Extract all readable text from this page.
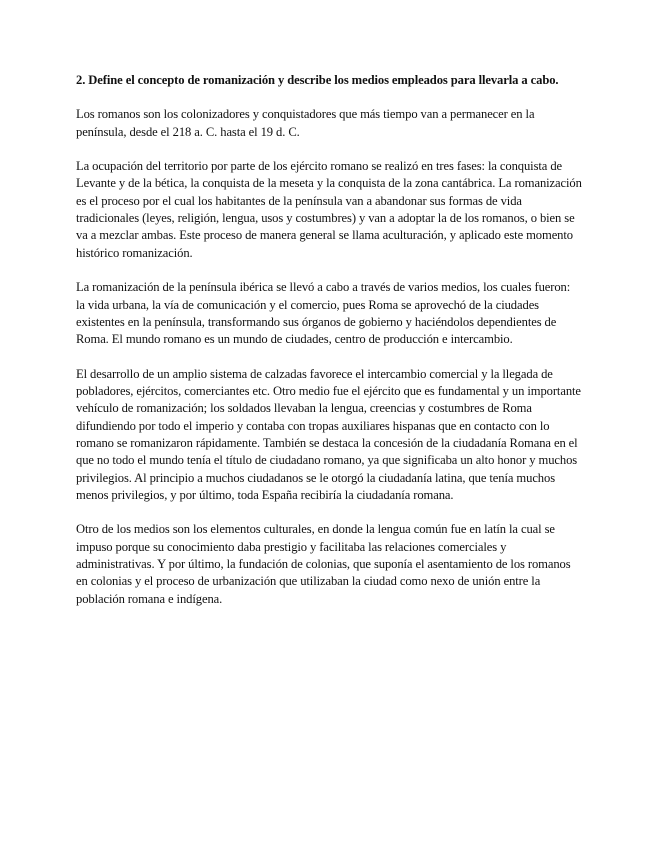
2. Define el concepto de romanización y describe los medios empleados para llevarla a cabo.

Los romanos son los colonizadores y conquistadores que más tiempo van a permanecer en la península, desde el 218 a. C. hasta el 19 d. C.

La ocupación del territorio por parte de los ejército romano se realizó en tres fases: la conquista de Levante y de la bética, la conquista de la meseta y la conquista de la zona cantábrica. La romanización es el proceso por el cual los habitantes de la península van a abandonar sus formas de vida tradicionales (leyes, religión, lengua, usos y costumbres) y van a adoptar la de los romanos, o bien se va a mezclar ambas. Este proceso de manera general se llama aculturación, y aplicado este momento histórico romanización.

La romanización de la península ibérica se llevó a cabo a través de varios medios, los cuales fueron: la vida urbana, la vía de comunicación y el comercio, pues Roma se aprovechó de la ciudades existentes en la península, transformando sus órganos de gobierno y haciéndolos dependientes de Roma. El mundo romano es un mundo de ciudades, centro de producción e intercambio.

El desarrollo de un amplio sistema de calzadas favorece el intercambio comercial y la llegada de pobladores, ejércitos, comerciantes etc. Otro medio fue el ejército que es fundamental y un importante vehículo de romanización; los soldados llevaban la lengua, creencias y costumbres de Roma difundiendo por todo el imperio y contaba con tropas auxiliares hispanas que en contacto con lo romano se romanizaron rápidamente. También se destaca la concesión de la ciudadanía Romana en el que no todo el mundo tenía el título de ciudadano romano, ya que significaba un alto honor y muchos privilegios. Al principio a muchos ciudadanos se le otorgó la ciudadanía latina, que tenía muchos menos privilegios, y por último, toda España recibiría la ciudadanía romana.

Otro de los medios son los elementos culturales, en donde la lengua común fue en latín la cual se impuso porque su conocimiento daba prestigio y facilitaba las relaciones comerciales y administrativas. Y por último, la fundación de colonias, que suponía el asentamiento de los romanos en colonias y el proceso de urbanización que utilizaban la ciudad como nexo de unión entre la población romana e indígena.
